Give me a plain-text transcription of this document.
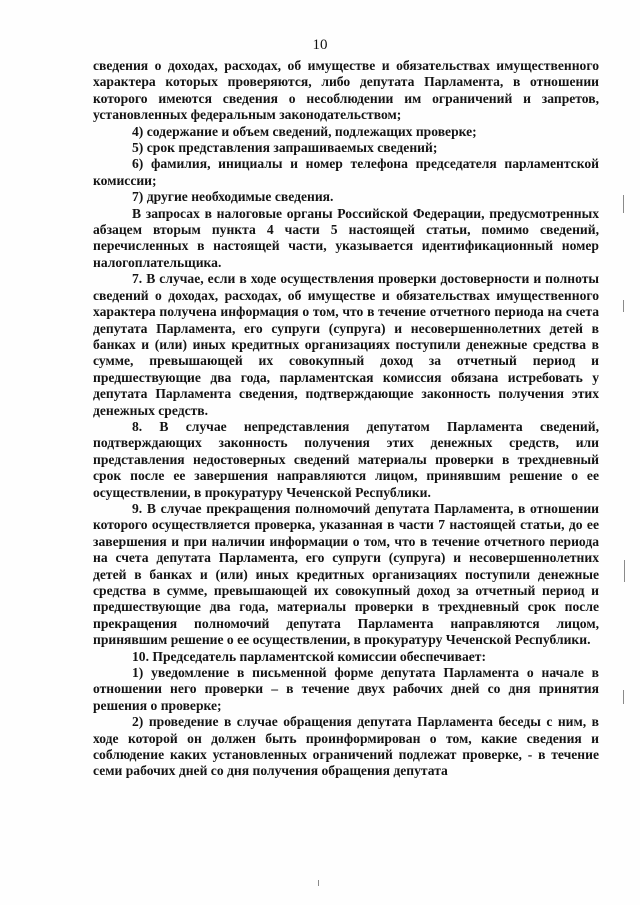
10

сведения о доходах, расходах, об имуществе и обязательствах имущественного характера которых проверяются, либо депутата Парламента, в отношении которого имеются сведения о несоблюдении им ограничений и запретов, установленных федеральным законодательством;

4) содержание и объем сведений, подлежащих проверке;

5) срок представления запрашиваемых сведений;

6) фамилия, инициалы и номер телефона председателя парламентской комиссии;

7) другие необходимые сведения.

В запросах в налоговые органы Российской Федерации, предусмотренных абзацем вторым пункта 4 части 5 настоящей статьи, помимо сведений, перечисленных в настоящей части, указывается идентификационный номер налогоплательщика.

7. В случае, если в ходе осуществления проверки достоверности и полноты сведений о доходах, расходах, об имуществе и обязательствах имущественного характера получена информация о том, что в течение отчетного периода на счета депутата Парламента, его супруги (супруга) и несовершеннолетних детей в банках и (или) иных кредитных организациях поступили денежные средства в сумме, превышающей их совокупный доход за отчетный период и предшествующие два года, парламентская комиссия обязана истребовать у депутата Парламента сведения, подтверждающие законность получения этих денежных средств.

8. В случае непредставления депутатом Парламента сведений, подтверждающих законность получения этих денежных средств, или представления недостоверных сведений материалы проверки в трехдневный срок после ее завершения направляются лицом, принявшим решение о ее осуществлении, в прокуратуру Чеченской Республики.

9. В случае прекращения полномочий депутата Парламента, в отношении которого осуществляется проверка, указанная в части 7 настоящей статьи, до ее завершения и при наличии информации о том, что в течение отчетного периода на счета депутата Парламента, его супруги (супруга) и несовершеннолетних детей в банках и (или) иных кредитных организациях поступили денежные средства в сумме, превышающей их совокупный доход за отчетный период и предшествующие два года, материалы проверки в трехдневный срок после прекращения полномочий депутата Парламента направляются лицом, принявшим решение о ее осуществлении, в прокуратуру Чеченской Республики.

10. Председатель парламентской комиссии обеспечивает:

1) уведомление в письменной форме депутата Парламента о начале в отношении него проверки – в течение двух рабочих дней со дня принятия решения о проверке;

2) проведение в случае обращения депутата Парламента беседы с ним, в ходе которой он должен быть проинформирован о том, какие сведения и соблюдение каких установленных ограничений подлежат проверке, - в течение семи рабочих дней со дня получения обращения депутата
